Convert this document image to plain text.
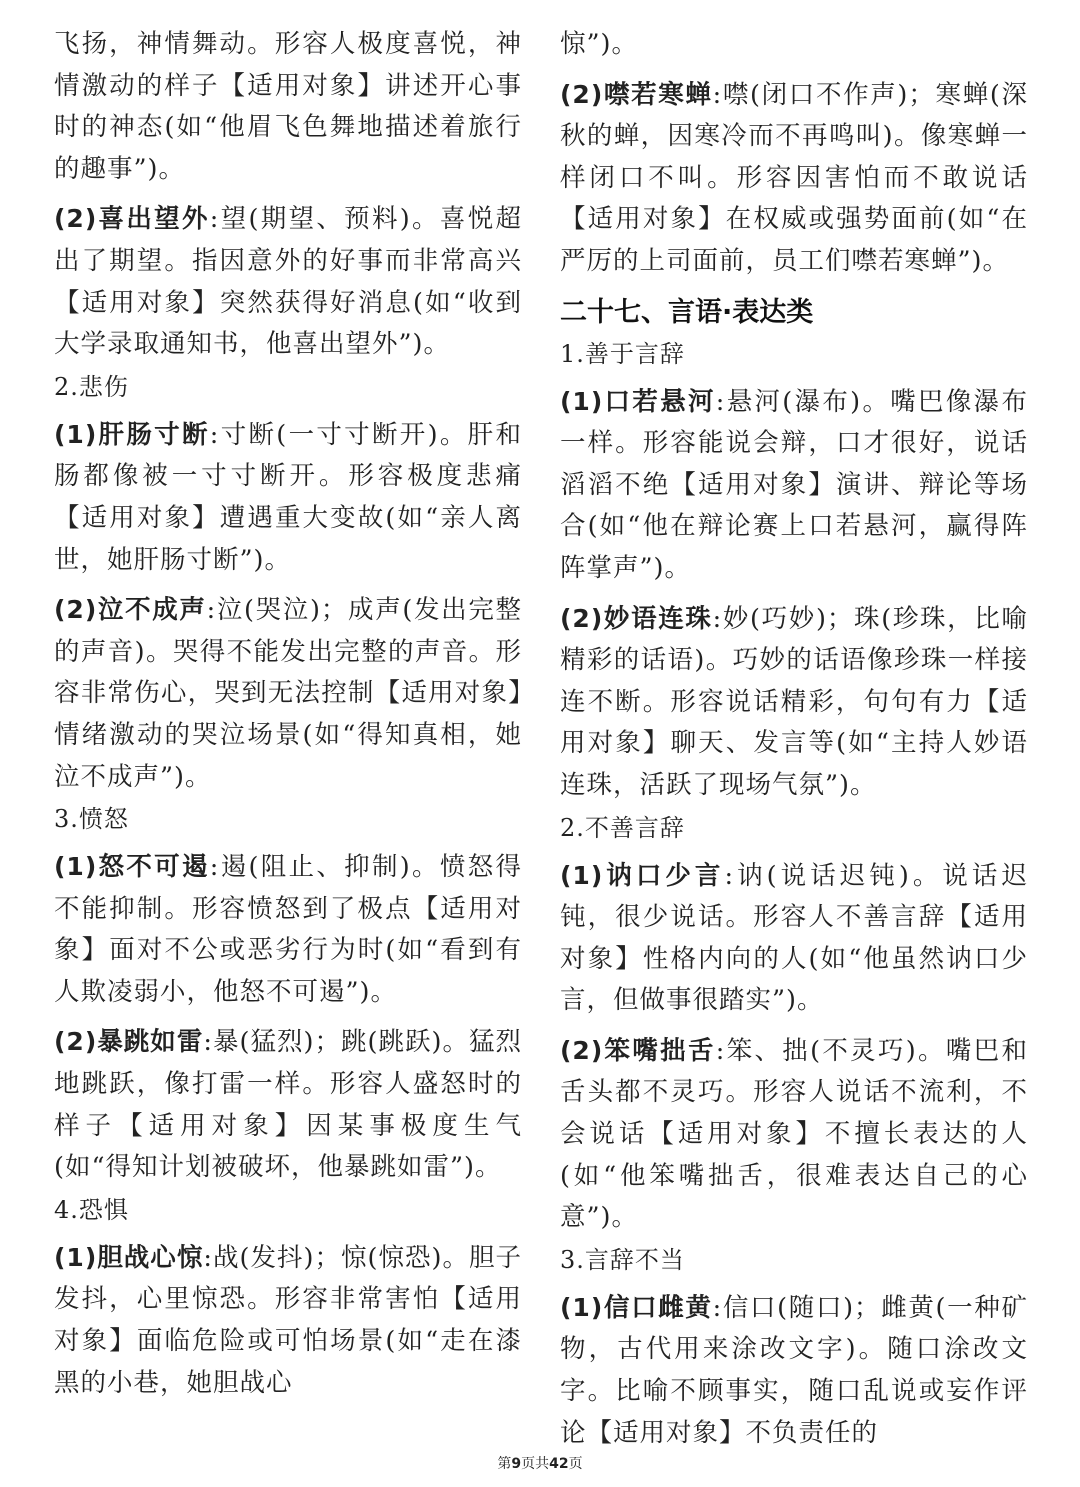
飞扬，神情舞动。形容人极度喜悦，神情激动的样子【适用对象】讲述开心事时的神态(如“他眉飞色舞地描述着旅行的趣事”)。

(2)喜出望外:望(期望、预料)。喜悦超出了期望。指因意外的好事而非常高兴【适用对象】突然获得好消息(如“收到大学录取通知书，他喜出望外”)。

2.悲伤

(1)肝肠寸断:寸断(一寸寸断开)。肝和肠都像被一寸寸断开。形容极度悲痛【适用对象】遭遇重大变故(如“亲人离世，她肝肠寸断”)。

(2)泣不成声:泣(哭泣)；成声(发出完整的声音)。哭得不能发出完整的声音。形容非常伤心，哭到无法控制【适用对象】情绪激动的哭泣场景(如“得知真相，她泣不成声”)。

3.愤怒

(1)怒不可遏:遏(阻止、抑制)。愤怒得不能抑制。形容愤怒到了极点【适用对象】面对不公或恶劣行为时(如“看到有人欺凌弱小，他怒不可遏”)。

(2)暴跳如雷:暴(猛烈)；跳(跳跃)。猛烈地跳跃，像打雷一样。形容人盛怒时的样子【适用对象】因某事极度生气(如“得知计划被破坏，他暴跳如雷”)。

4.恐惧

(1)胆战心惊:战(发抖)；惊(惊恐)。胆子发抖，心里惊恐。形容非常害怕【适用对象】面临危险或可怕场景(如“走在漆黑的小巷，她胆战心

惊”)。

(2)噤若寒蝉:噤(闭口不作声)；寒蝉(深秋的蝉，因寒冷而不再鸣叫)。像寒蝉一样闭口不叫。形容因害怕而不敢说话【适用对象】在权威或强势面前(如“在严厉的上司面前，员工们噤若寒蝉”)。

二十七、言语·表达类

1.善于言辞

(1)口若悬河:悬河(瀑布)。嘴巴像瀑布一样。形容能说会辩，口才很好，说话滔滔不绝【适用对象】演讲、辩论等场合(如“他在辩论赛上口若悬河，赢得阵阵掌声”)。

(2)妙语连珠:妙(巧妙)；珠(珍珠，比喻精彩的话语)。巧妙的话语像珍珠一样接连不断。形容说话精彩，句句有力【适用对象】聊天、发言等(如“主持人妙语连珠，活跃了现场气氛”)。

2.不善言辞

(1)讷口少言:讷(说话迟钝)。说话迟钝，很少说话。形容人不善言辞【适用对象】性格内向的人(如“他虽然讷口少言，但做事很踏实”)。

(2)笨嘴拙舌:笨、拙(不灵巧)。嘴巴和舌头都不灵巧。形容人说话不流利，不会说话【适用对象】不擅长表达的人(如“他笨嘴拙舌，很难表达自己的心意”)。

3.言辞不当

(1)信口雌黄:信口(随口)；雌黄(一种矿物，古代用来涂改文字)。随口涂改文字。比喻不顾事实，随口乱说或妄作评论【适用对象】不负责任的

第9页共42页
